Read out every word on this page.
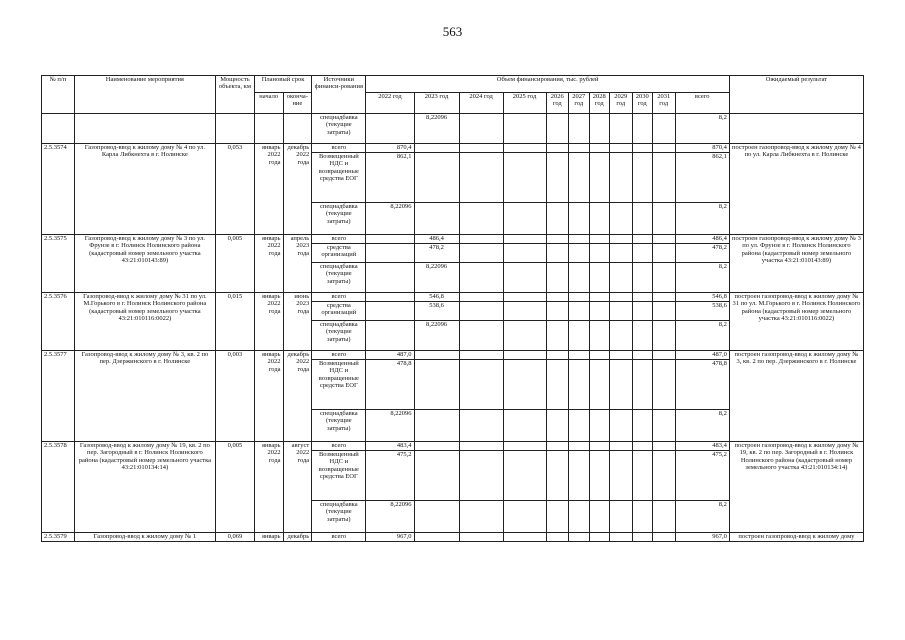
563
№ п/п	Наименование мероприятия	Мощность объекта, км	Плановый срок		Источники финанси-рования	Объем финансирования, тыс. рублей											Ожидаемый результат
			начало	оконча-ние		2022 год	2023 год	2024 год	2025 год	2026 год	2027 год	2028 год	2029 год	2030 год	2031 год	всего	
					спецнадбавка (текущие затраты)		8,22096									8,2	
2.5.3574	Газопровод-ввод к жилому дому № 4 по ул. Карла Либкнехта в г. Нолинске	0,053	январь 2022 года	декабрь 2022 года	всего	870,4										870,4	построен газопровод-ввод к жилому дому № 4 по ул. Карла Либкнехта в г. Нолинске
					Возмещенный НДС и возвращенные средства ЕОГ	862,1										862,1	
					спецнадбавка (текущие затраты)	8,22096										8,2	
2.5.3575	Газопровод-ввод к жилому дому № 3 по ул. Фрунзе в г. Нолинск Нолинского района (кадастровый номер земельного участка 43:21:010143:89)	0,005	январь 2022 года	апрель 2023 года	всего		486,4									486,4	построен газопровод-ввод к жилому дому № 3 по ул. Фрунзе в г. Нолинск Нолинского района (кадастровый номер земельного участка 43:21:010143:89)
					средства организаций		478,2									478,2	
					спецнадбавка (текущие затраты)		8,22096									8,2	
2.5.3576	Газопровод-ввод к жилому дому № 31 по ул. М.Горького в г. Нолинск Нолинского района (кадастровый номер земельного участка 43:21:010116:0022)	0,015	январь 2022 года	июнь 2023 года	всего		546,8									546,8	построен газопровод-ввод к жилому дому № 31 по ул. М.Горького в г. Нолинск Нолинского района (кадастровый номер земельного участка 43:21:010116:0022)
					средства организаций		538,6									538,6	
					спецнадбавка (текущие затраты)		8,22096									8,2	
2.5.3577	Газопровод-ввод к жилому дому № 3, кв. 2 по пер. Дзержинского в г. Нолинске	0,003	январь 2022 года	декабрь 2022 года	всего	487,0										487,0	построен газопровод-ввод к жилому дому № 3, кв. 2 по пер. Дзержинского в г. Нолинске
					Возмещенный НДС и возвращенные средства ЕОГ	478,8										478,8	
					спецнадбавка (текущие затраты)	8,22096										8,2	
2.5.3578	Газопровод-ввод к жилому дому № 19, кв. 2 по пер. Загородный в г. Нолинск Нолинского района (кадастровый номер земельного участка 43:21:010134:14)	0,005	январь 2022 года	август 2022 года	всего	483,4										483,4	построен газопровод-ввод к жилому дому № 19, кв. 2 по пер. Загородный в г. Нолинск Нолинского района (кадастровый номер земельного участка 43:21:010134:14)
					Возмещенный НДС и возвращенные средства ЕОГ	475,2										475,2	
					спецнадбавка (текущие затраты)	8,22096										8,2	
2.5.3579	Газопровод-ввод к жилому дому № 1	0,069	январь	декабрь	всего	967,0										967,0	построен газопровод-ввод к жилому дому
